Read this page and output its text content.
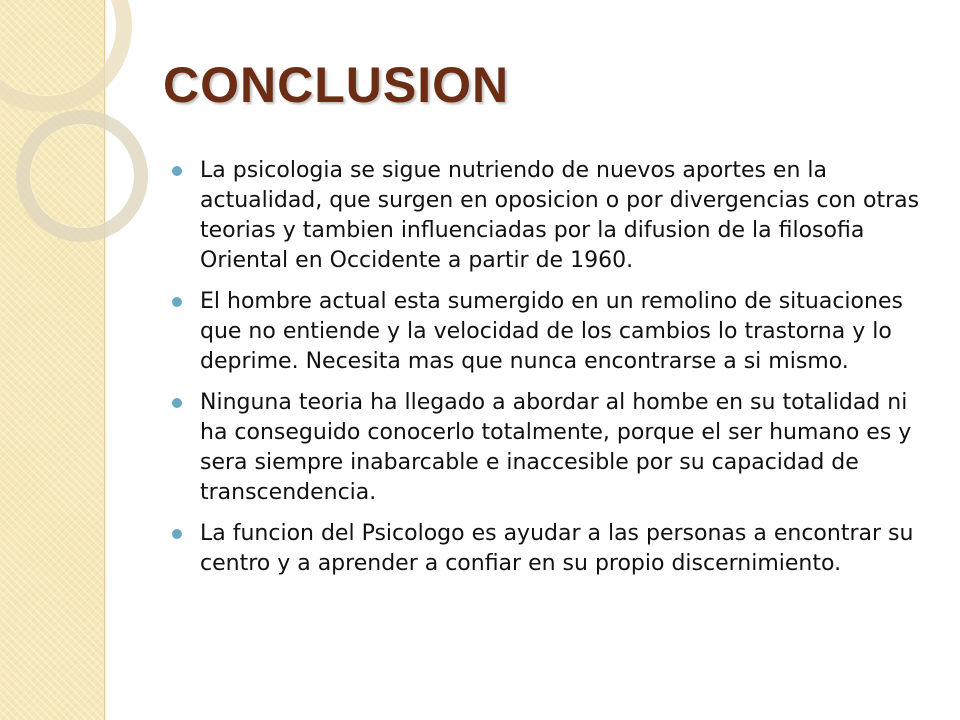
CONCLUSION
La psicologia se sigue nutriendo de nuevos aportes en la actualidad, que surgen en oposicion o por divergencias con otras teorias y tambien influenciadas por la difusion de la filosofia Oriental en Occidente a partir de 1960.
El hombre actual esta sumergido en un remolino de situaciones que no entiende y la velocidad de los cambios lo trastorna y lo deprime. Necesita mas que nunca encontrarse a si mismo.
Ninguna teoria ha llegado a abordar al hombe en su totalidad ni ha conseguido conocerlo totalmente, porque el ser humano es y sera siempre inabarcable e inaccesible por su capacidad de transcendencia.
La funcion del Psicologo es ayudar a las personas a encontrar su centro y a aprender a confiar en su propio discernimiento.
